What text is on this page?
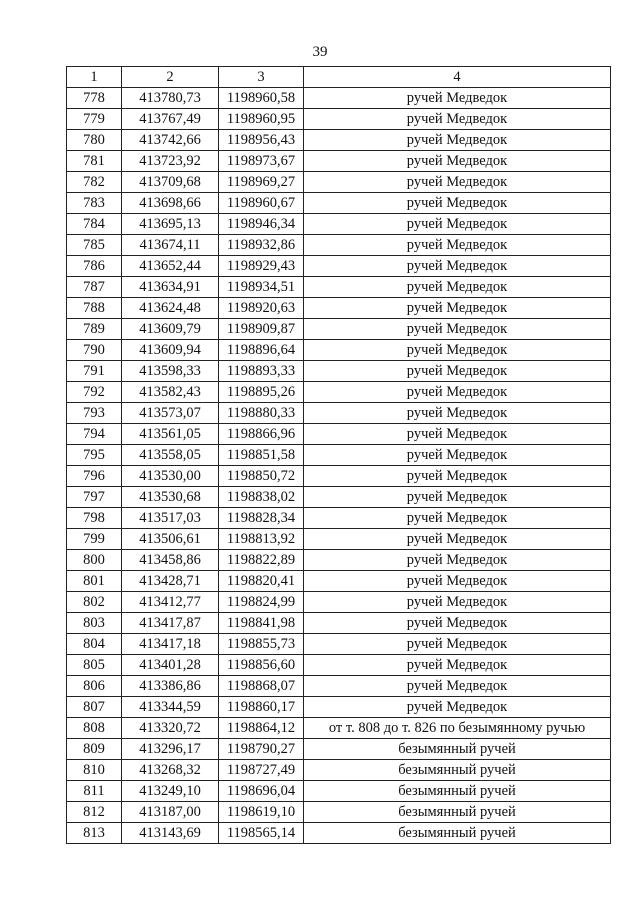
39
1	2	3	4
778	413780,73	1198960,58	ручей Медведок
779	413767,49	1198960,95	ручей Медведок
780	413742,66	1198956,43	ручей Медведок
781	413723,92	1198973,67	ручей Медведок
782	413709,68	1198969,27	ручей Медведок
783	413698,66	1198960,67	ручей Медведок
784	413695,13	1198946,34	ручей Медведок
785	413674,11	1198932,86	ручей Медведок
786	413652,44	1198929,43	ручей Медведок
787	413634,91	1198934,51	ручей Медведок
788	413624,48	1198920,63	ручей Медведок
789	413609,79	1198909,87	ручей Медведок
790	413609,94	1198896,64	ручей Медведок
791	413598,33	1198893,33	ручей Медведок
792	413582,43	1198895,26	ручей Медведок
793	413573,07	1198880,33	ручей Медведок
794	413561,05	1198866,96	ручей Медведок
795	413558,05	1198851,58	ручей Медведок
796	413530,00	1198850,72	ручей Медведок
797	413530,68	1198838,02	ручей Медведок
798	413517,03	1198828,34	ручей Медведок
799	413506,61	1198813,92	ручей Медведок
800	413458,86	1198822,89	ручей Медведок
801	413428,71	1198820,41	ручей Медведок
802	413412,77	1198824,99	ручей Медведок
803	413417,87	1198841,98	ручей Медведок
804	413417,18	1198855,73	ручей Медведок
805	413401,28	1198856,60	ручей Медведок
806	413386,86	1198868,07	ручей Медведок
807	413344,59	1198860,17	ручей Медведок
808	413320,72	1198864,12	от т. 808 до т. 826 по безымянному ручью
809	413296,17	1198790,27	безымянный ручей
810	413268,32	1198727,49	безымянный ручей
811	413249,10	1198696,04	безымянный ручей
812	413187,00	1198619,10	безымянный ручей
813	413143,69	1198565,14	безымянный ручей
